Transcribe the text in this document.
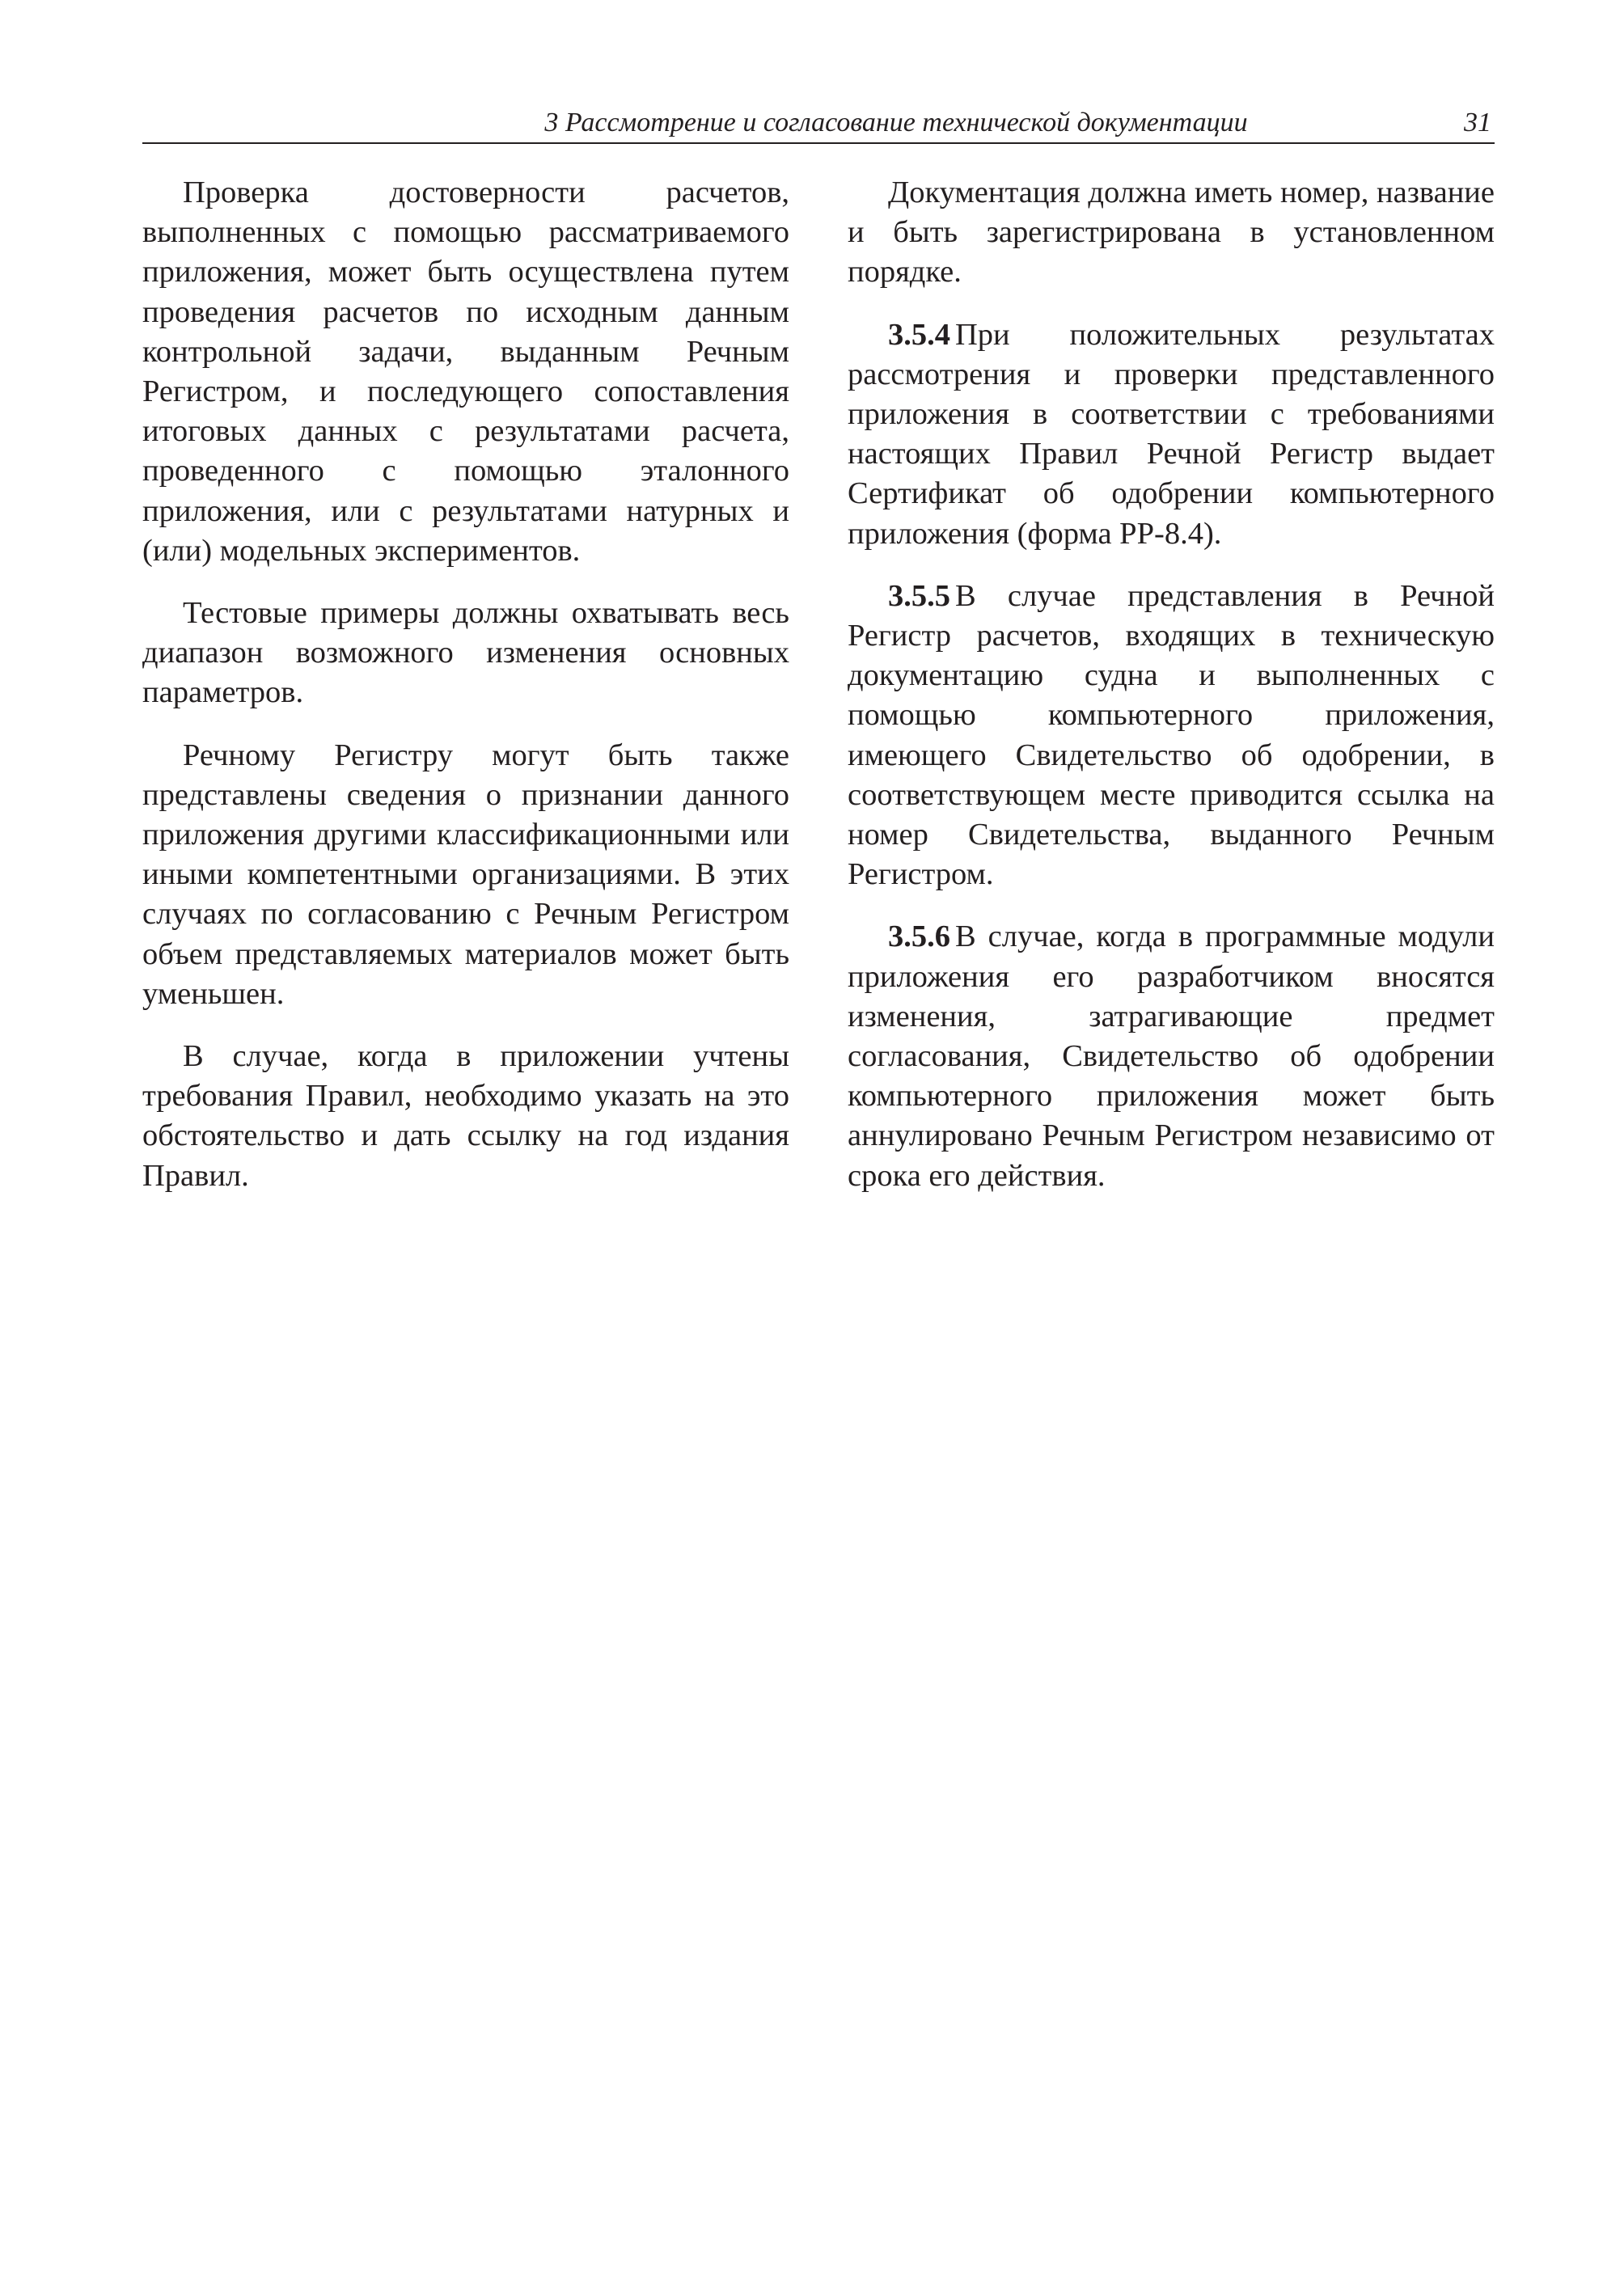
3 Рассмотрение и согласование технической документации	31

Проверка достоверности расчетов, выполненных с помощью рассматриваемого приложения, может быть осуществлена путем проведения расчетов по исходным данным контрольной задачи, выданным Речным Регистром, и последующего сопоставления итоговых данных с результатами расчета, проведенного с помощью эталонного приложения, или с результатами натурных и (или) модельных экспериментов.

Тестовые примеры должны охватывать весь диапазон возможного изменения основных параметров.

Речному Регистру могут быть также представлены сведения о признании данного приложения другими классификационными или иными компетентными организациями. В этих случаях по согласованию с Речным Регистром объем представляемых материалов может быть уменьшен.

В случае, когда в приложении учтены требования Правил, необходимо указать на это обстоятельство и дать ссылку на год издания Правил.

Документация должна иметь номер, название и быть зарегистрирована в установленном порядке.

3.5.4 При положительных результатах рассмотрения и проверки представленного приложения в соответствии с требованиями настоящих Правил Речной Регистр выдает Сертификат об одобрении компьютерного приложения (форма РР-8.4).

3.5.5 В случае представления в Речной Регистр расчетов, входящих в техническую документацию судна и выполненных с помощью компьютерного приложения, имеющего Свидетельство об одобрении, в соответствующем месте приводится ссылка на номер Свидетельства, выданного Речным Регистром.

3.5.6 В случае, когда в программные модули приложения его разработчиком вносятся изменения, затрагивающие предмет согласования, Свидетельство об одобрении компьютерного приложения может быть аннулировано Речным Регистром независимо от срока его действия.
